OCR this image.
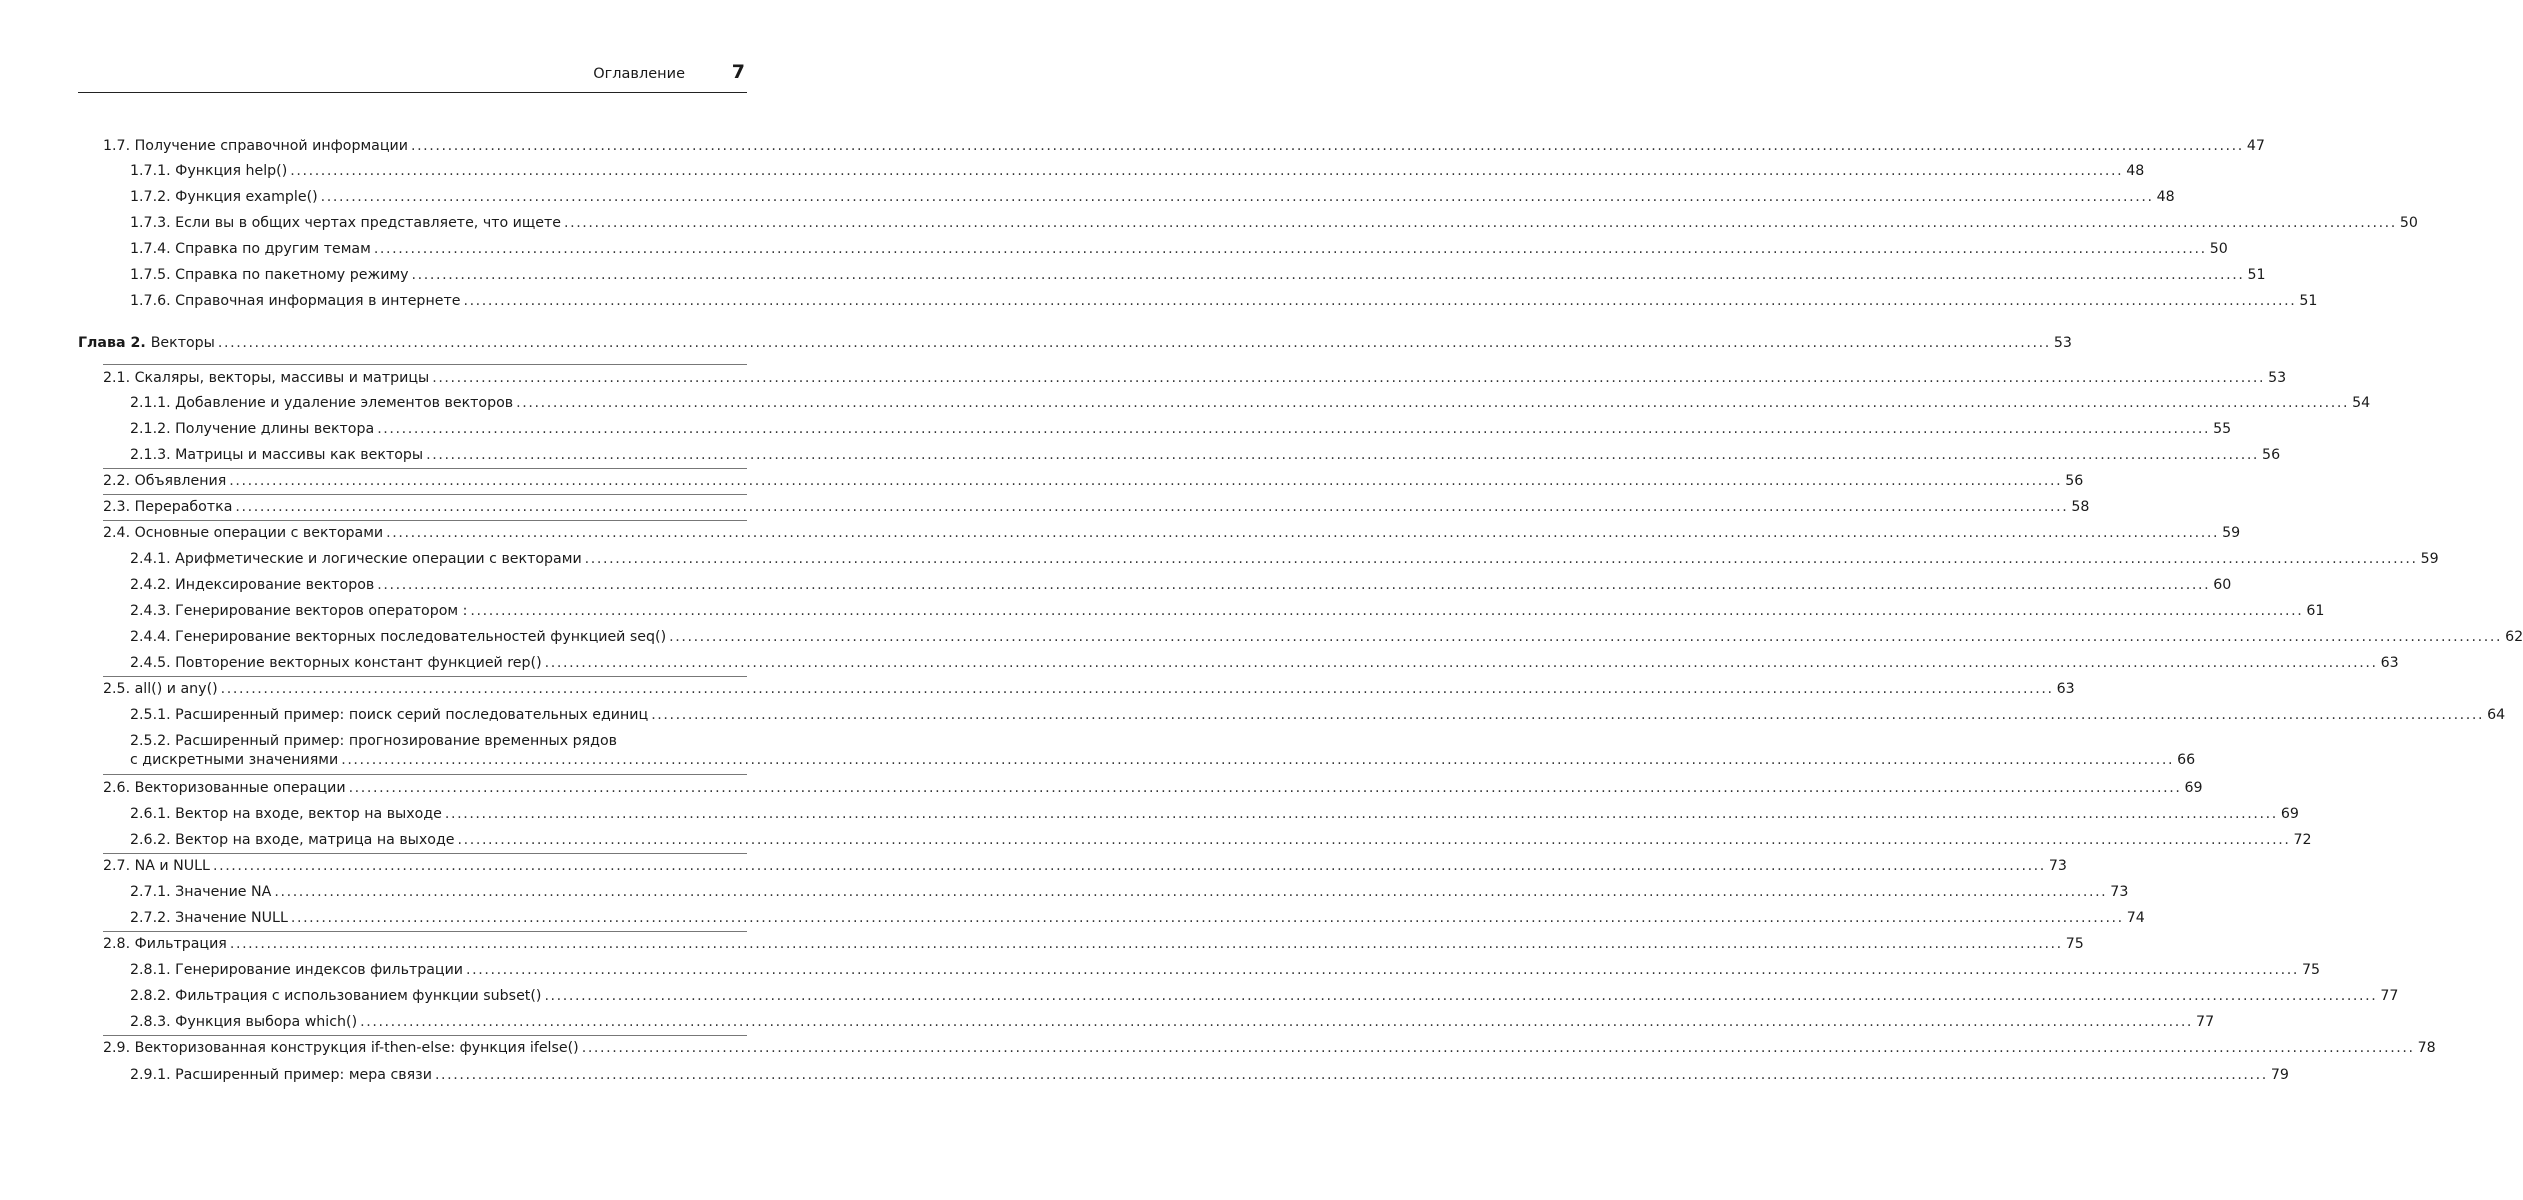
Оглавление 7
1.7. Получение справочной информации ............................................................................................................................................................................................................................................................................................................ 47
1.7.1. Функция help() ............................................................................................................................................................................................................................................................................................................ 48
1.7.2. Функция example() ............................................................................................................................................................................................................................................................................................................ 48
1.7.3. Если вы в общих чертах представляете, что ищете ............................................................................................................................................................................................................................................................................................................ 50
1.7.4. Справка по другим темам ............................................................................................................................................................................................................................................................................................................ 50
1.7.5. Справка по пакетному режиму ............................................................................................................................................................................................................................................................................................................ 51
1.7.6. Справочная информация в интернете ............................................................................................................................................................................................................................................................................................................ 51
Глава 2. Векторы ............................................................................................................................................................................................................................................................................................................ 53
2.1. Скаляры, векторы, массивы и матрицы ............................................................................................................................................................................................................................................................................................................ 53
2.1.1. Добавление и удаление элементов векторов ............................................................................................................................................................................................................................................................................................................ 54
2.1.2. Получение длины вектора ............................................................................................................................................................................................................................................................................................................ 55
2.1.3. Матрицы и массивы как векторы ............................................................................................................................................................................................................................................................................................................ 56
2.2. Объявления ............................................................................................................................................................................................................................................................................................................ 56
2.3. Переработка ............................................................................................................................................................................................................................................................................................................ 58
2.4. Основные операции с векторами ............................................................................................................................................................................................................................................................................................................ 59
2.4.1. Арифметические и логические операции с векторами ............................................................................................................................................................................................................................................................................................................ 59
2.4.2. Индексирование векторов ............................................................................................................................................................................................................................................................................................................ 60
2.4.3. Генерирование векторов оператором : ............................................................................................................................................................................................................................................................................................................ 61
2.4.4. Генерирование векторных последовательностей функцией seq() ............................................................................................................................................................................................................................................................................................................ 62
2.4.5. Повторение векторных констант функцией rep() ............................................................................................................................................................................................................................................................................................................ 63
2.5. all() и any() ............................................................................................................................................................................................................................................................................................................ 63
2.5.1. Расширенный пример: поиск серий последовательных единиц ............................................................................................................................................................................................................................................................................................................ 64
2.5.2. Расширенный пример: прогнозирование временных рядов
с дискретными значениями ............................................................................................................................................................................................................................................................................................................ 66
2.6. Векторизованные операции ............................................................................................................................................................................................................................................................................................................ 69
2.6.1. Вектор на входе, вектор на выходе ............................................................................................................................................................................................................................................................................................................ 69
2.6.2. Вектор на входе, матрица на выходе ............................................................................................................................................................................................................................................................................................................ 72
2.7. NA и NULL ............................................................................................................................................................................................................................................................................................................ 73
2.7.1. Значение NA ............................................................................................................................................................................................................................................................................................................ 73
2.7.2. Значение NULL ............................................................................................................................................................................................................................................................................................................ 74
2.8. Фильтрация ............................................................................................................................................................................................................................................................................................................ 75
2.8.1. Генерирование индексов фильтрации ............................................................................................................................................................................................................................................................................................................ 75
2.8.2. Фильтрация с использованием функции subset() ............................................................................................................................................................................................................................................................................................................ 77
2.8.3. Функция выбора which() ............................................................................................................................................................................................................................................................................................................ 77
2.9. Векторизованная конструкция if-then-else: функция ifelse() ............................................................................................................................................................................................................................................................................................................ 78
2.9.1. Расширенный пример: мера связи ............................................................................................................................................................................................................................................................................................................ 79
